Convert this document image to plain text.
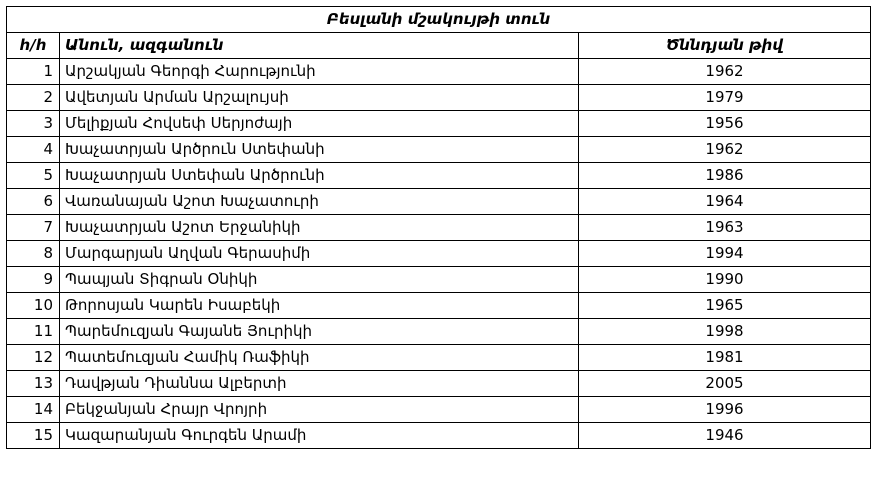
Բեսլանի մշակույթի տուն		
հ/հ	Անուն, ազգանուն	Ծննդյան թիվ
1	Արշակյան Գեորգի Հարությունի	1962
2	Ավետյան Արման Արշալույսի	1979
3	Մելիքյան Հովսեփ Սերյոժայի	1956
4	Խաչատրյան Արծրուն Ստեփանի	1962
5	Խաչատրյան Ստեփան Արծրունի	1986
6	Վառանայան Աշոտ Խաչատուրի	1964
7	Խաչատրյան Աշոտ Երջանիկի	1963
8	Մարգարյան Աղվան Գերասիմի	1994
9	Պապյան Տիգրան Օնիկի	1990
10	Թորոսյան Կարեն Իսաբեկի	1965
11	Պարեմուզյան Գայանե Յուրիկի	1998
12	Պատեմուզյան Համիկ Ռաֆիկի	1981
13	Դավթյան Դիաննա Ալբերտի	2005
14	Բեկջանյան Հրայր Վրոյրի	1996
15	Կազարանյան Գուրգեն Արամի	1946
